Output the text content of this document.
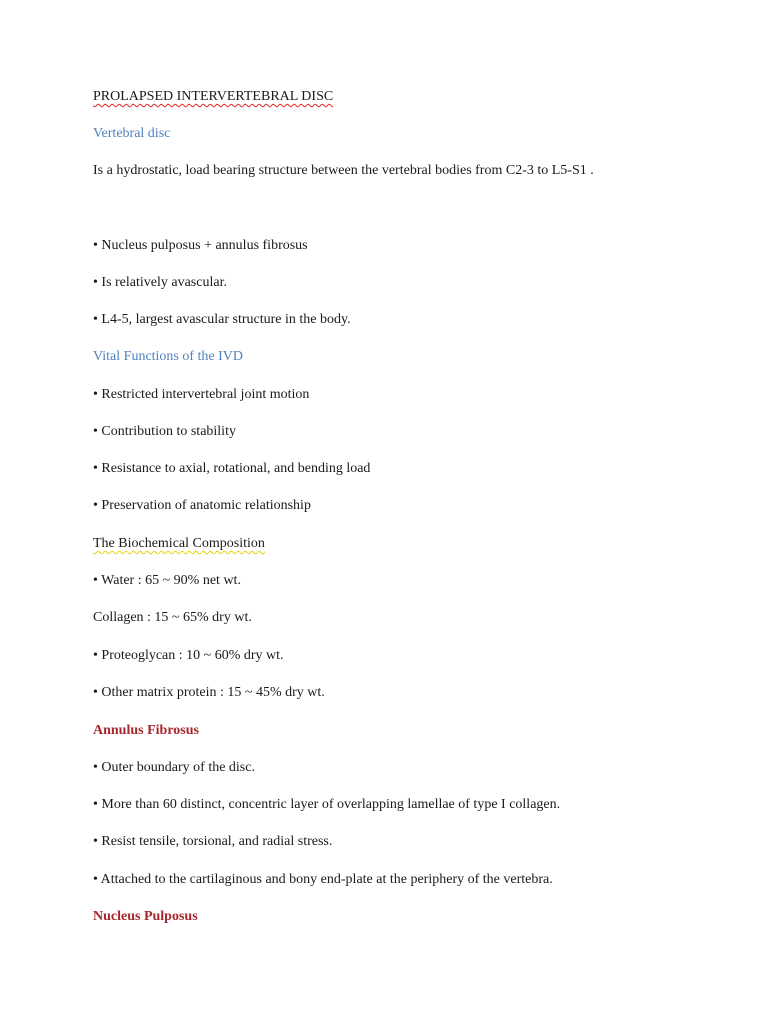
PROLAPSED INTERVERTEBRAL DISC
Vertebral disc
Is a hydrostatic, load bearing structure between the vertebral bodies from C2-3 to L5-S1 .
• Nucleus pulposus + annulus fibrosus
• Is relatively avascular.
• L4-5, largest avascular structure in the body.
Vital Functions of the IVD
• Restricted intervertebral joint motion
• Contribution to stability
• Resistance to axial, rotational, and bending load
• Preservation of anatomic relationship
The Biochemical Composition
• Water : 65 ~ 90% net wt.
Collagen : 15 ~ 65% dry wt.
• Proteoglycan : 10 ~ 60% dry wt.
• Other matrix protein : 15 ~ 45% dry wt.
Annulus Fibrosus
• Outer boundary of the disc.
• More than 60 distinct, concentric layer of overlapping lamellae of type I collagen.
• Resist tensile, torsional, and radial stress.
• Attached to the cartilaginous and bony end-plate at the periphery of the vertebra.
Nucleus Pulposus
